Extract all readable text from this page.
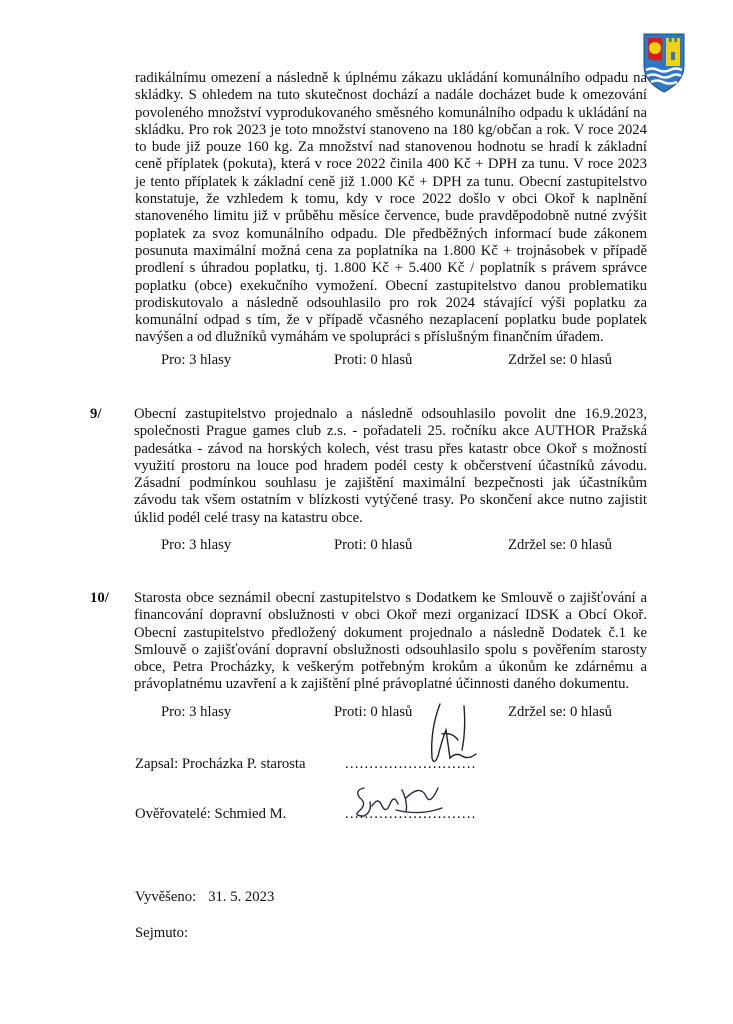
radikálnímu omezení a následně k úplnému zákazu ukládání komunálního odpadu na skládky. S ohledem na tuto skutečnost dochází a nadále docházet bude k omezování povoleného množství vyprodukovaného směsného komunálního odpadu k ukládání na skládku. Pro rok 2023 je toto množství stanoveno na 180 kg/občan a rok. V roce 2024 to bude již pouze 160 kg. Za množství nad stanovenou hodnotu se hradí k základní ceně příplatek (pokuta), která v roce 2022 činila 400 Kč + DPH za tunu. V roce 2023 je tento příplatek k základní ceně již 1.000 Kč + DPH za tunu. Obecní zastupitelstvo konstatuje, že vzhledem k tomu, kdy v roce 2022 došlo v obci Okoř k naplnění stanoveného limitu již v průběhu měsíce července, bude pravděpodobně nutné zvýšit poplatek za svoz komunálního odpadu. Dle předběžných informací bude zákonem posunuta maximální možná cena za poplatníka na 1.800 Kč + trojnásobek v případě prodlení s úhradou poplatku, tj. 1.800 Kč + 5.400 Kč / poplatník s právem správce poplatku (obce) exekučního vymožení. Obecní zastupitelstvo danou problematiku prodiskutovalo a následně odsouhlasilo pro rok 2024 stávající výši poplatku za komunální odpad s tím, že v případě včasného nezaplacení poplatku bude poplatek navýšen a od dlužníků vymáhám ve spolupráci s příslušným finančním úřadem.

Pro: 3 hlasy	Proti: 0 hlasů	Zdržel se: 0 hlasů

9/ Obecní zastupitelstvo projednalo a následně odsouhlasilo povolit dne 16.9.2023, společnosti Prague games club z.s. - pořadateli 25. ročníku akce AUTHOR Pražská padesátka - závod na horských kolech, vést trasu přes katastr obce Okoř s možností využití prostoru na louce pod hradem podél cesty k občerstvení účastníků závodu. Zásadní podmínkou souhlasu je zajištění maximální bezpečnosti jak účastníkům závodu tak všem ostatním v blízkosti vytýčené trasy. Po skončení akce nutno zajistit úklid podél celé trasy na katastru obce.

Pro: 3 hlasy	Proti: 0 hlasů	Zdržel se: 0 hlasů

10/ Starosta obce seznámil obecní zastupitelstvo s Dodatkem ke Smlouvě o zajišťování a financování dopravní obslužnosti v obci Okoř mezi organizací IDSK a Obcí Okoř. Obecní zastupitelstvo předložený dokument projednalo a následně Dodatek č.1 ke Smlouvě o zajišťování dopravní obslužnosti odsouhlasilo spolu s pověřením starosty obce, Petra Procházky, k veškerým potřebným krokům a úkonům ke zdárnému a právoplatnému uzavření a k zajištění plné právoplatné účinnosti daného dokumentu.

Pro: 3 hlasy	Proti: 0 hlasů	Zdržel se: 0 hlasů
Zapsal: Procházka P. starosta	...........................
Ověřovatelé: Schmied M.	...........................
Vyvěšeno: 31. 5. 2023
Sejmuto:
